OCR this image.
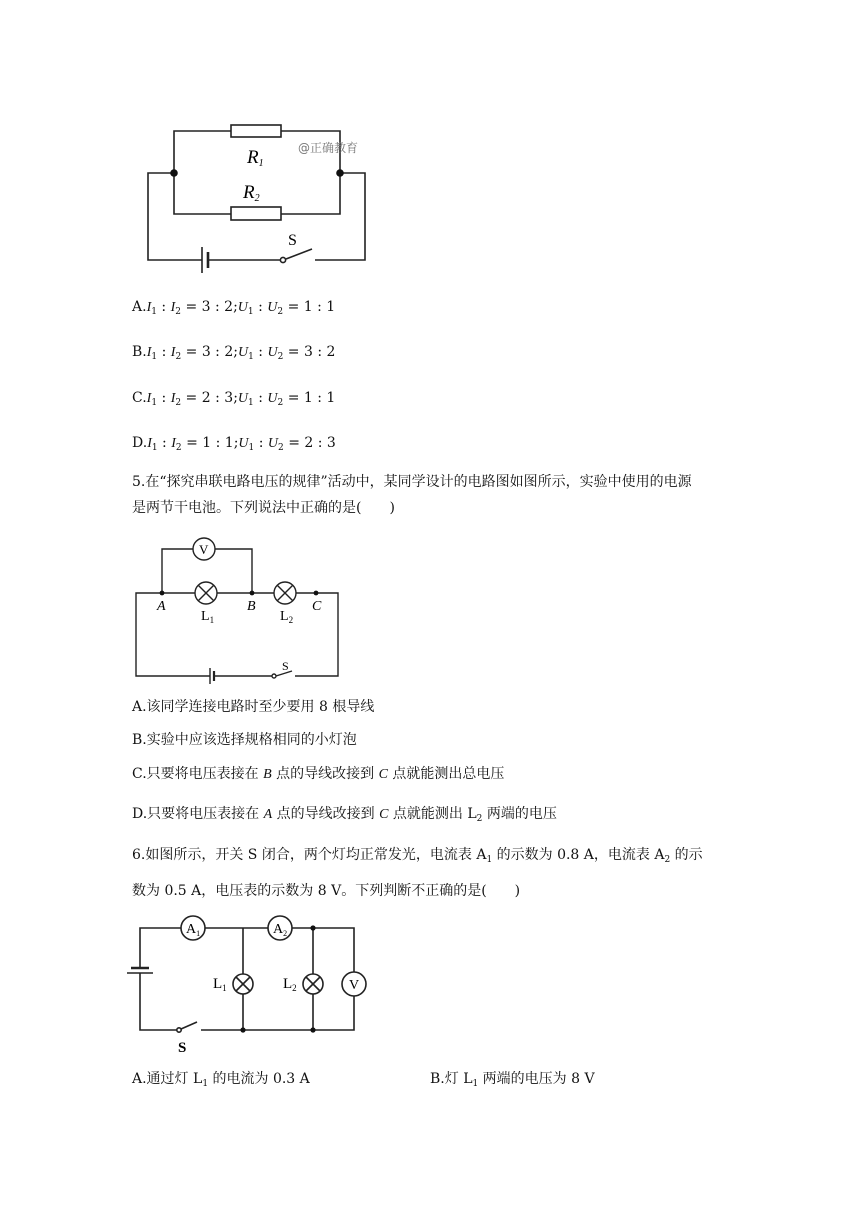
R1
R2
S
@正确教育
$A.I_1$ : $I_2 = 3$ : $2;U_1$ : $U_2 = 1$ : 1
$B.I_1$ : $I_2 = 3$ : $2;U_1$ : $U_2 = 3$ : 2
$C.I_1$ : $I_2 = 2$ : $3;U_1$ : $U_2 = 1$ : 1
$D.I_1$ : $I_2 = 1$ : $1;U_1$ : $U_2 = 2$ : 3
5.在“探究串联电路电压的规律”活动中，某同学设计的电路图如图所示，实验中使用的电源
是两节干电池。下列说法中正确的是(　　)
V
A	B	C
$L_1$	$L_2$
S
A.该同学连接电路时至少要用 8 根导线
B.实验中应该选择规格相同的小灯泡
C.只要将电压表接在 B 点的导线改接到 C 点就能测出总电压
D.只要将电压表接在 A 点的导线改接到 C 点就能测出 $L_2$ 两端的电压
6.如图所示，开关 S 闭合，两个灯均正常发光，电流表 $A_1$ 的示数为 0.8 A，电流表 $A_2$ 的示
数为 0.5 A，电压表的示数为 8 V。下列判断不正确的是(　　)
$A_1$	$A_2$
$L_1$	$L_2$	V
S
A.通过灯 $L_1$ 的电流为 0.3 A	B.灯 $L_1$ 两端的电压为 8 V
